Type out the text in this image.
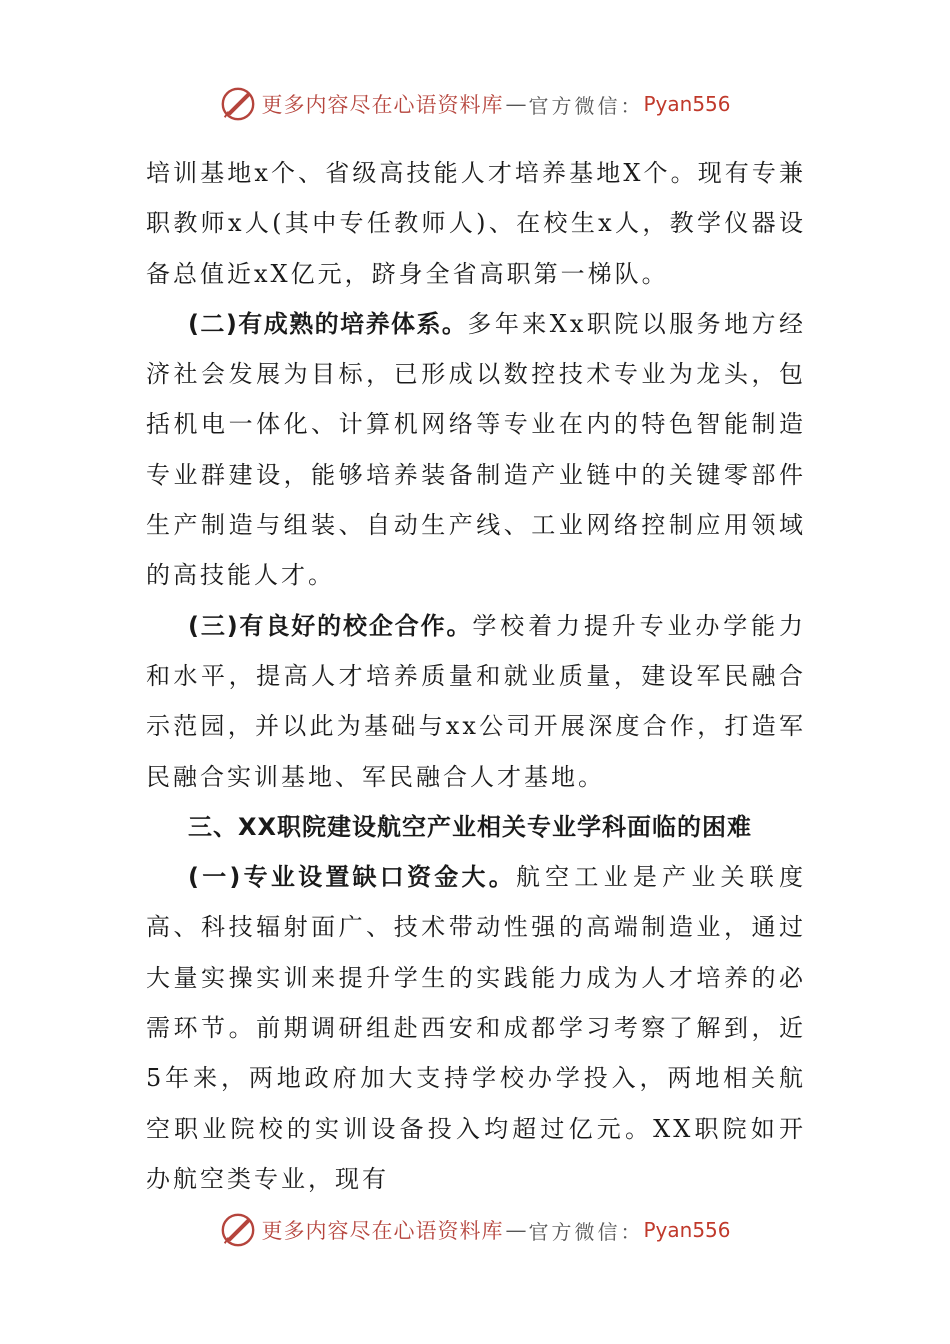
更多内容尽在心语资料库 — 官方微信： Pyan556

培训基地x个、省级高技能人才培养基地X个。现有专兼职教师x人(其中专任教师人)、在校生x人，教学仪器设备总值近xX亿元，跻身全省高职第一梯队。

(二)有成熟的培养体系。多年来Xx职院以服务地方经济社会发展为目标，已形成以数控技术专业为龙头，包括机电一体化、计算机网络等专业在内的特色智能制造专业群建设，能够培养装备制造产业链中的关键零部件生产制造与组装、自动生产线、工业网络控制应用领域的高技能人才。

(三)有良好的校企合作。学校着力提升专业办学能力和水平，提高人才培养质量和就业质量，建设军民融合示范园，并以此为基础与xx公司开展深度合作，打造军民融合实训基地、军民融合人才基地。

三、XX职院建设航空产业相关专业学科面临的困难

(一)专业设置缺口资金大。航空工业是产业关联度高、科技辐射面广、技术带动性强的高端制造业，通过大量实操实训来提升学生的实践能力成为人才培养的必需环节。前期调研组赴西安和成都学习考察了解到，近5年来，两地政府加大支持学校办学投入，两地相关航空职业院校的实训设备投入均超过亿元。XX职院如开办航空类专业，现有

更多内容尽在心语资料库 — 官方微信： Pyan556
